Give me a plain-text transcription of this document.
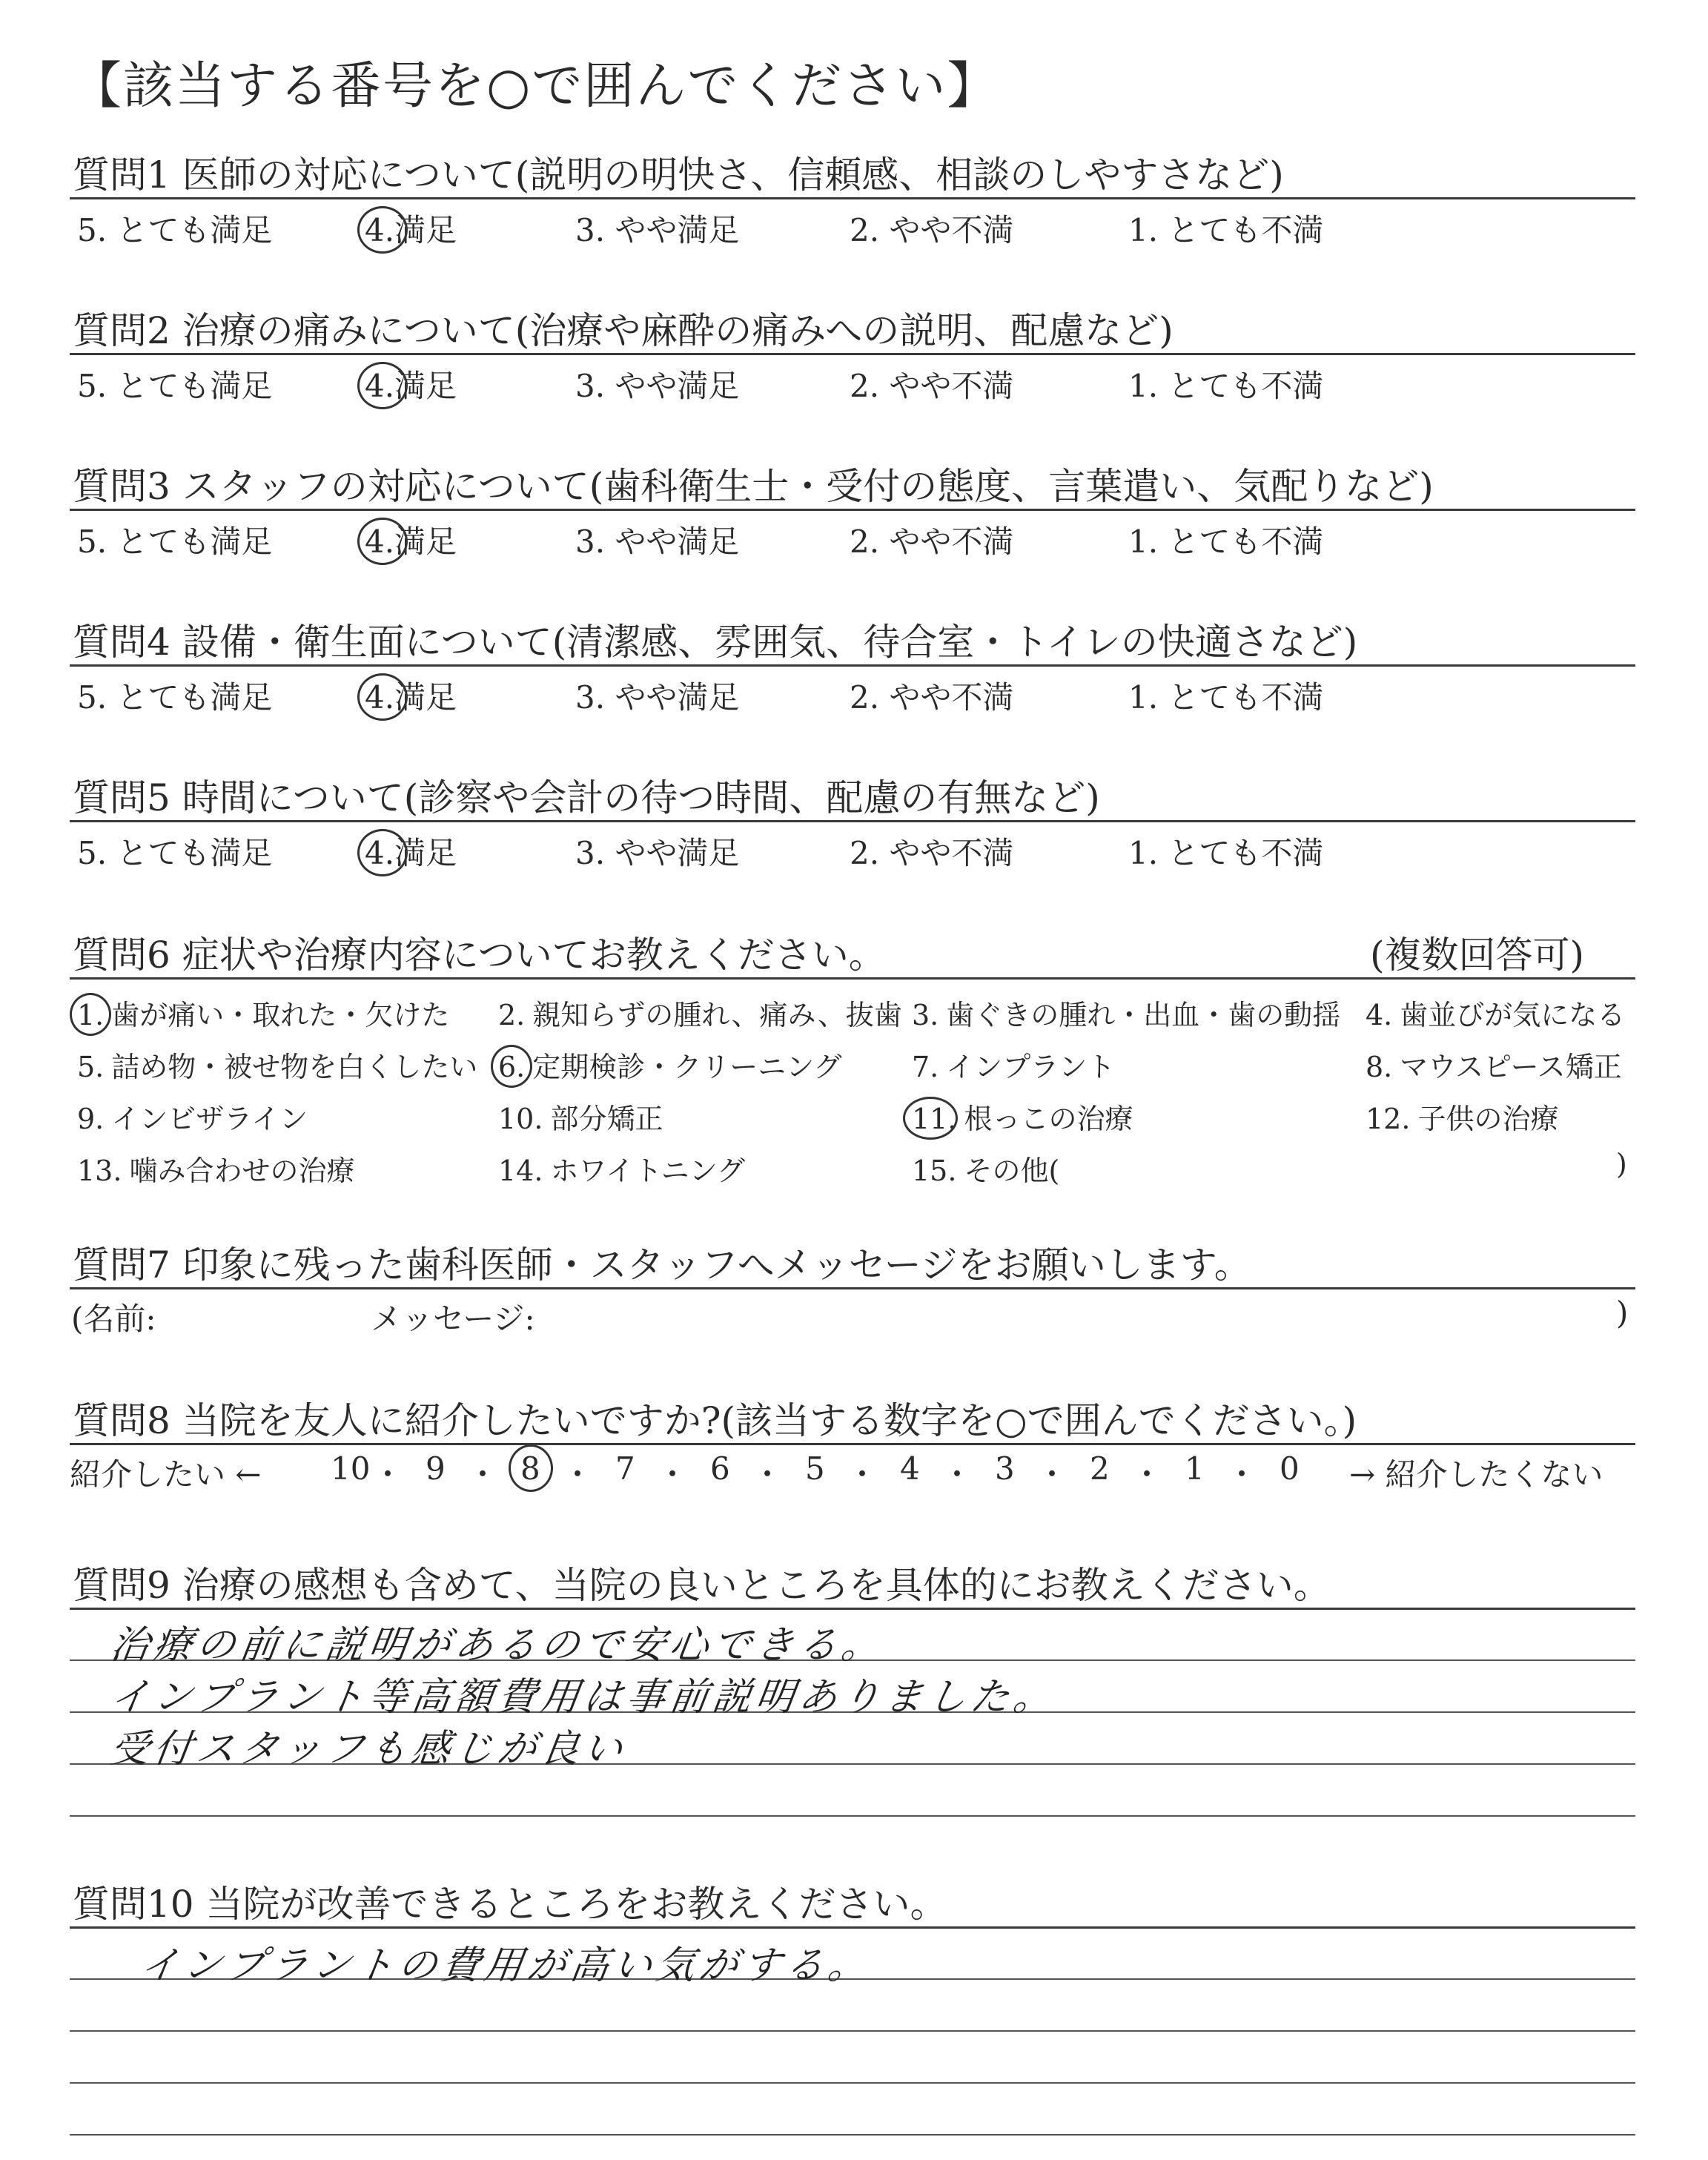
【該当する番号を○で囲んでください】
質問1 医師の対応について(説明の明快さ、信頼感、相談のしやすさなど)
5. とても満足	4.満足	3. やや満足	2. やや不満	1. とても不満
質問2 治療の痛みについて(治療や麻酔の痛みへの説明、配慮など)
5. とても満足	4.満足	3. やや満足	2. やや不満	1. とても不満
質問3 スタッフの対応について(歯科衛生士・受付の態度、言葉遣い、気配りなど)
5. とても満足	4.満足	3. やや満足	2. やや不満	1. とても不満
質問4 設備・衛生面について(清潔感、雰囲気、待合室・トイレの快適さなど)
5. とても満足	4.満足	3. やや満足	2. やや不満	1. とても不満
質問5 時間について(診察や会計の待つ時間、配慮の有無など)
5. とても満足	4.満足	3. やや満足	2. やや不満	1. とても不満
質問6 症状や治療内容についてお教えください。	(複数回答可)
1. 歯が痛い・取れた・欠けた 2. 親知らずの腫れ、痛み、抜歯 3. 歯ぐきの腫れ・出血・歯の動揺 4. 歯並びが気になる
5. 詰め物・被せ物を白くしたい 6. 定期検診・クリーニング 7. インプラント	8. マウスピース矯正
9. インビザライン	10. 部分矯正	11. 根っこの治療	12. 子供の治療
13. 噛み合わせの治療	14. ホワイトニング	15. その他(	)
質問7 印象に残った歯科医師・スタッフへメッセージをお願いします。
(名前:	メッセージ:	)
質問8 当院を友人に紹介したいですか?(該当する数字を○で囲んでください。)
紹介したい ← 10 ・ 9 ・ 8 ・ 7 ・ 6 ・ 5 ・ 4 ・ 3 ・ 2 ・ 1 ・ 0 → 紹介したくない
質問9 治療の感想も含めて、当院の良いところを具体的にお教えください。
治療の前に説明があるので安心できる。
インプラント等高額費用は事前説明ありました。
受付スタッフも感じが良い
質問10 当院が改善できるところをお教えください。
インプラントの費用が高い気がする。
